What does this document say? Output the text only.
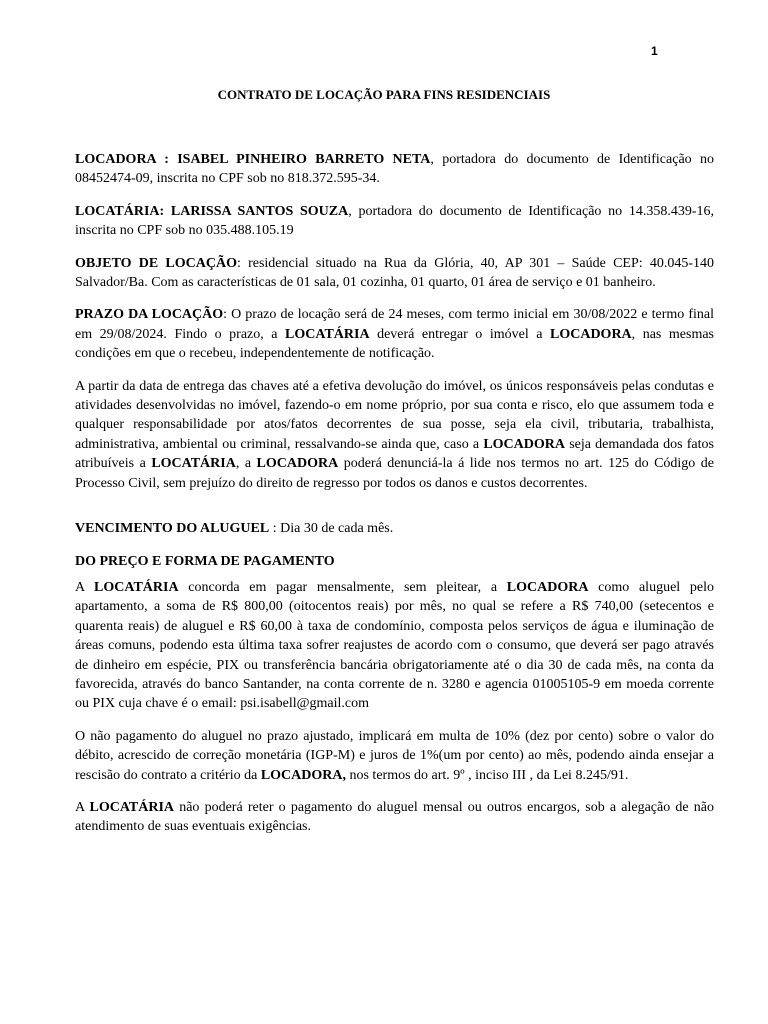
1
CONTRATO DE LOCAÇÃO PARA FINS RESIDENCIAIS

LOCADORA : ISABEL PINHEIRO BARRETO NETA, portadora do documento de Identificação no 08452474-09, inscrita no CPF sob no 818.372.595-34.

LOCATÁRIA: LARISSA SANTOS SOUZA, portadora do documento de Identificação no 14.358.439-16, inscrita no CPF sob no 035.488.105.19

OBJETO DE LOCAÇÃO: residencial situado na Rua da Glória, 40, AP 301 – Saúde CEP: 40.045-140 Salvador/Ba. Com as características de 01 sala, 01 cozinha, 01 quarto, 01 área de serviço e 01 banheiro.

PRAZO DA LOCAÇÃO: O prazo de locação será de 24 meses, com termo inicial em 30/08/2022 e termo final em 29/08/2024. Findo o prazo, a LOCATÁRIA deverá entregar o imóvel a LOCADORA, nas mesmas condições em que o recebeu, independentemente de notificação.

A partir da data de entrega das chaves até a efetiva devolução do imóvel, os únicos responsáveis pelas condutas e atividades desenvolvidas no imóvel, fazendo-o em nome próprio, por sua conta e risco, elo que assumem toda e qualquer responsabilidade por atos/fatos decorrentes de sua posse, seja ela civil, tributaria, trabalhista, administrativa, ambiental ou criminal, ressalvando-se ainda que, caso a LOCADORA seja demandada dos fatos atribuíveis a LOCATÁRIA, a LOCADORA poderá denunciá-la á lide nos termos no art. 125 do Código de Processo Civil, sem prejuízo do direito de regresso por todos os danos e custos decorrentes.

VENCIMENTO DO ALUGUEL : Dia 30 de cada mês.

DO PREÇO E FORMA DE PAGAMENTO

A LOCATÁRIA concorda em pagar mensalmente, sem pleitear, a LOCADORA como aluguel pelo apartamento, a soma de R$ 800,00 (oitocentos reais) por mês, no qual se refere a R$ 740,00 (setecentos e quarenta reais) de aluguel e R$ 60,00 à taxa de condomínio, composta pelos serviços de água e iluminação de áreas comuns, podendo esta última taxa sofrer reajustes de acordo com o consumo, que deverá ser pago através de dinheiro em espécie, PIX ou transferência bancária obrigatoriamente até o dia 30 de cada mês, na conta da favorecida, através do banco Santander, na conta corrente de n. 3280 e agencia 01005105-9 em moeda corrente ou PIX cuja chave é o email: psi.isabell@gmail.com

O não pagamento do aluguel no prazo ajustado, implicará em multa de 10% (dez por cento) sobre o valor do débito, acrescido de correção monetária (IGP-M) e juros de 1%(um por cento) ao mês, podendo ainda ensejar a rescisão do contrato a critério da LOCADORA, nos termos do art. 9º , inciso III , da Lei 8.245/91.

A LOCATÁRIA não poderá reter o pagamento do aluguel mensal ou outros encargos, sob a alegação de não atendimento de suas eventuais exigências.
